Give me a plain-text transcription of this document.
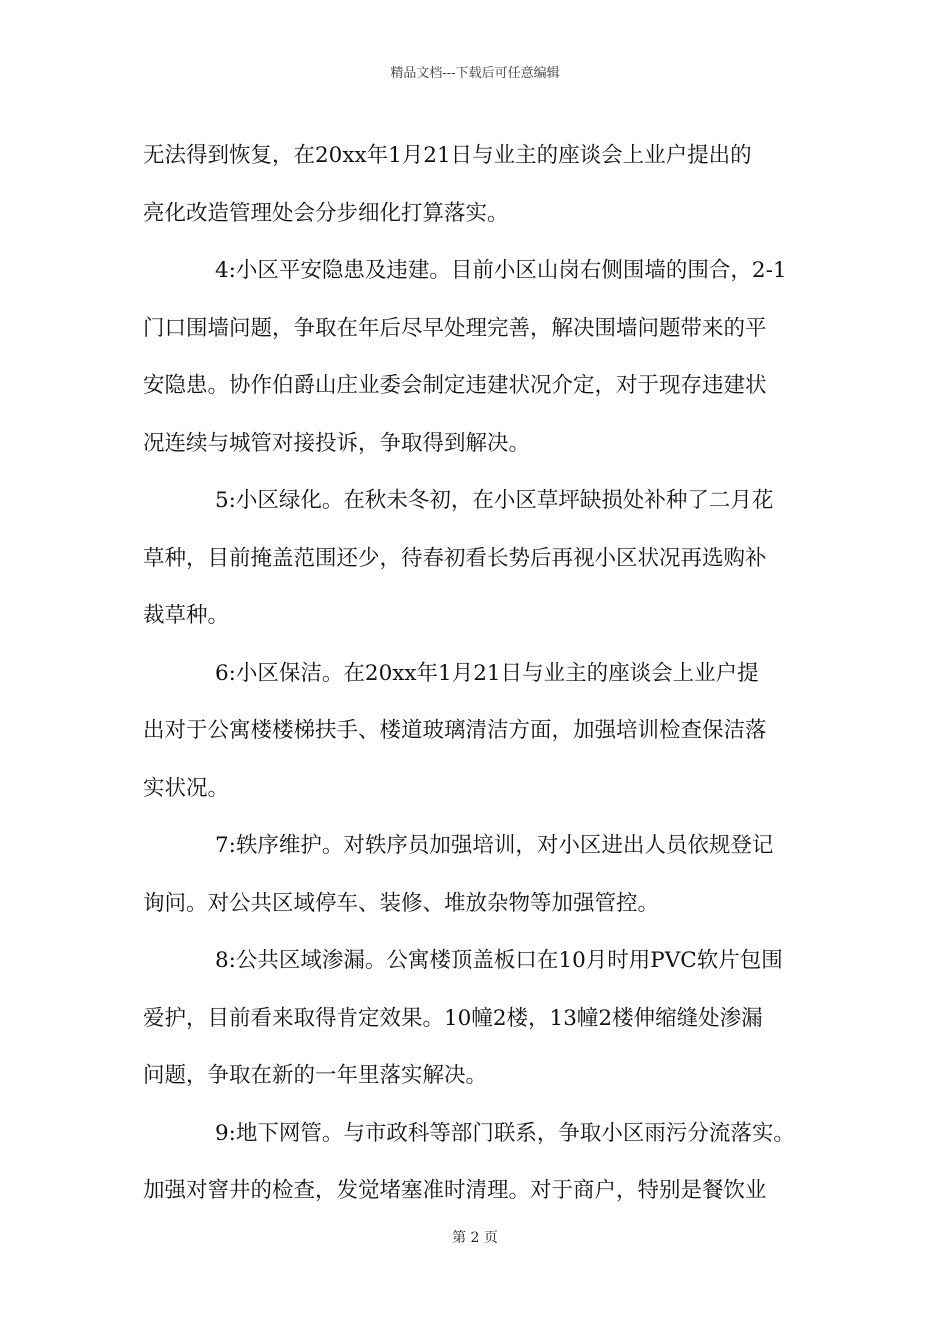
精品文档---下载后可任意编辑
无法得到恢复，在20xx年1月21日与业主的座谈会上业户提出的
亮化改造管理处会分步细化打算落实。
4:小区平安隐患及违建。目前小区山岗右侧围墙的围合，2-1
门口围墙问题，争取在年后尽早处理完善，解决围墙问题带来的平
安隐患。协作伯爵山庄业委会制定违建状况介定，对于现存违建状
况连续与城管对接投诉，争取得到解决。
5:小区绿化。在秋未冬初，在小区草坪缺损处补种了二月花
草种，目前掩盖范围还少，待春初看长势后再视小区状况再选购补
裁草种。
6:小区保洁。在20xx年1月21日与业主的座谈会上业户提
出对于公寓楼楼梯扶手、楼道玻璃清洁方面，加强培训检查保洁落
实状况。
7:轶序维护。对轶序员加强培训，对小区进出人员依规登记
询问。对公共区域停车、装修、堆放杂物等加强管控。
8:公共区域渗漏。公寓楼顶盖板口在10月时用PVC软片包围
爱护，目前看来取得肯定效果。10幢2楼，13幢2楼伸缩缝处渗漏
问题，争取在新的一年里落实解决。
9:地下网管。与市政科等部门联系，争取小区雨污分流落实。
加强对窨井的检查，发觉堵塞准时清理。对于商户，特别是餐饮业
第 2 页
